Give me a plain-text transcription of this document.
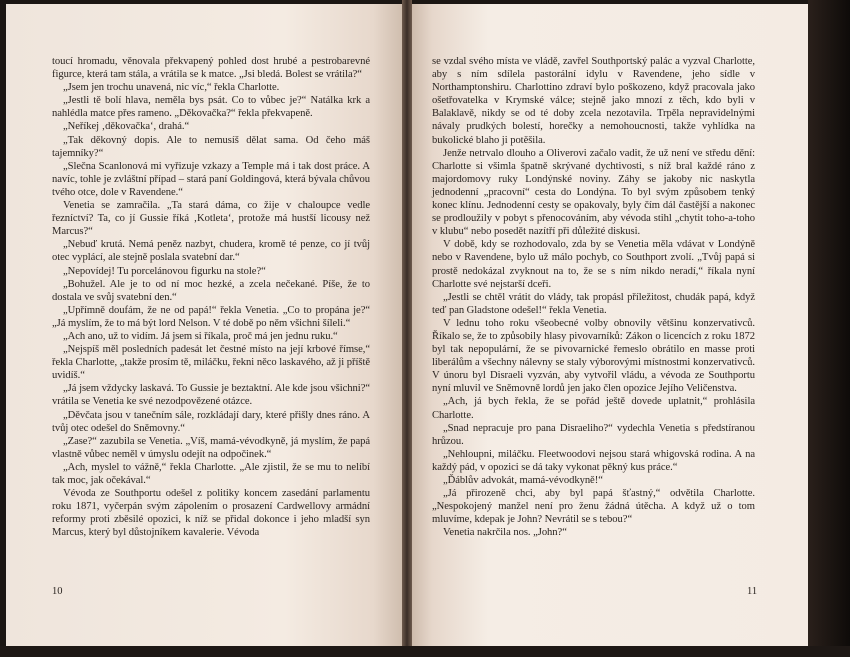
toucí hromadu, věnovala překvapený pohled dost hrubé a pestrobarevné figurce, která tam stála, a vrátila se k matce. „Jsi bledá. Bolest se vrátila?“

„Jsem jen trochu unavená, nic víc,“ řekla Charlotte.

„Jestli tě bolí hlava, neměla bys psát. Co to vůbec je?“ Natálka krk a nahlédla matce přes rameno. „Děkovačka?“ řekla překvapeně.

„Neříkej ‚děkovačka‘, drahá.“

„Tak děkovný dopis. Ale to nemusíš dělat sama. Od čeho máš tajemníky?“

„Slečna Scanlonová mi vyřizuje vzkazy a Temple má i tak dost práce. A navíc, tohle je zvláštní případ – stará paní Goldingová, která bývala chůvou tvého otce, dole v Ravendene.“

Venetia se zamračila. „Ta stará dáma, co žije v chaloupce vedle řezníctví? Ta, co jí Gussie říká ‚Kotleta‘, protože má hustší licousy než Marcus?“

„Nebuď krutá. Nemá peněz nazbyt, chudera, kromě té penze, co jí tvůj otec vyplácí, ale stejně poslala svatební dar.“

„Nepovídej! Tu porcelánovou figurku na stole?“

„Bohužel. Ale je to od ní moc hezké, a zcela nečekané. Píše, že to dostala ve svůj svatební den.“

„Upřímně doufám, že ne od papá!“ řekla Venetia. „Co to propána je?“ „Já myslím, že to má být lord Nelson. V té době po něm všichni šíleli.“

„Ach ano, už to vidím. Já jsem si říkala, proč má jen jednu ruku.“

„Nejspíš měl posledních padesát let čestné místo na její krbové římse,“ řekla Charlotte, „takže prosím tě, miláčku, řekni něco laskavého, až ji příště uvidíš.“

„Já jsem vždycky laskavá. To Gussie je beztaktní. Ale kde jsou všichni?“ vrátila se Venetia ke své nezodpovězené otázce.

„Děvčata jsou v tanečním sále, rozkládají dary, které přišly dnes ráno. A tvůj otec odešel do Sněmovny.“

„Zase?“ zazubila se Venetia. „Víš, mamá-vévodkyně, já myslím, že papá vlastně vůbec neměl v úmyslu odejít na odpočinek.“

„Ach, myslel to vážně,“ řekla Charlotte. „Ale zjistil, že se mu to nelíbí tak moc, jak očekával.“

Vévoda ze Southportu odešel z politiky koncem zasedání parlamentu roku 1871, vyčerpán svým zápolením o prosazení Cardwellovy armádní reformy proti zběsilé opozici, k níž se přidal dokonce i jeho mladší syn Marcus, který byl důstojníkem kavalerie. Vévoda

10

se vzdal svého místa ve vládě, zavřel Southportský palác a vyzval Charlotte, aby s ním sdílela pastorální idylu v Ravendene, jeho sídle v Northamptonshiru. Charlottino zdraví bylo poškozeno, když pracovala jako ošetřovatelka v Krymské válce; stejně jako mnozí z těch, kdo byli v Balaklavě, nikdy se od té doby zcela nezotavila. Trpěla nepravidelnými návaly prudkých bolestí, horečky a nemohoucnosti, takže vyhlídka na bukolické blaho ji potěšila.

Jenže netrvalo dlouho a Oliverovi začalo vadit, že už není ve středu dění: Charlotte si všimla špatně skrývané dychtivosti, s níž bral každé ráno z majordomovy ruky Londýnské noviny. Záhy se jakoby nic naskytla jednodenní „pracovní“ cesta do Londýna. To byl svým způsobem tenký konec klínu. Jednodenní cesty se opakovaly, byly čím dál častější a nakonec se prodloužily v pobyt s přenocováním, aby vévoda stihl „chytit toho-a-toho v klubu“ nebo posedět nazítří při důležité diskusi.

V době, kdy se rozhodovalo, zda by se Venetia měla vdávat v Londýně nebo v Ravendene, bylo už málo pochyb, co Southport zvolí. „Tvůj papá si prostě nedokázal zvyknout na to, že se s ním nikdo neradí,“ říkala nyní Charlotte své nejstarší dceři.

„Jestli se chtěl vrátit do vlády, tak propásl příležitost, chudák papá, když teď pan Gladstone odešel!“ řekla Venetia.

V lednu toho roku všeobecné volby obnovily většinu konzervativců. Říkalo se, že to způsobily hlasy pivovarníků: Zákon o licencích z roku 1872 byl tak nepopulární, že se pivovarnické řemeslo obrátilo en masse proti liberálům a všechny nálevny se staly výborovými místnostmi konzervativců. V únoru byl Disraeli vyzván, aby vytvořil vládu, a vévoda ze Southportu nyní mluvil ve Sněmovně lordů jen jako člen opozice Jejího Veličenstva.

„Ach, já bych řekla, že se pořád ještě dovede uplatnit,“ prohlásila Charlotte.

„Snad nepracuje pro pana Disraeliho?“ vydechla Venetia s předstíranou hrůzou.

„Nehloupni, miláčku. Fleetwoodovi nejsou stará whigovská rodina. A na každý pád, v opozici se dá taky vykonat pěkný kus práce.“

„Ďáblův advokát, mamá-vévodkyně!“

„Já přirozeně chci, aby byl papá šťastný,“ odvětila Charlotte. „Nespokojený manžel není pro ženu žádná útěcha. A když už o tom mluvíme, kdepak je John? Nevrátil se s tebou?“

Venetia nakrčila nos. „John?“

11
